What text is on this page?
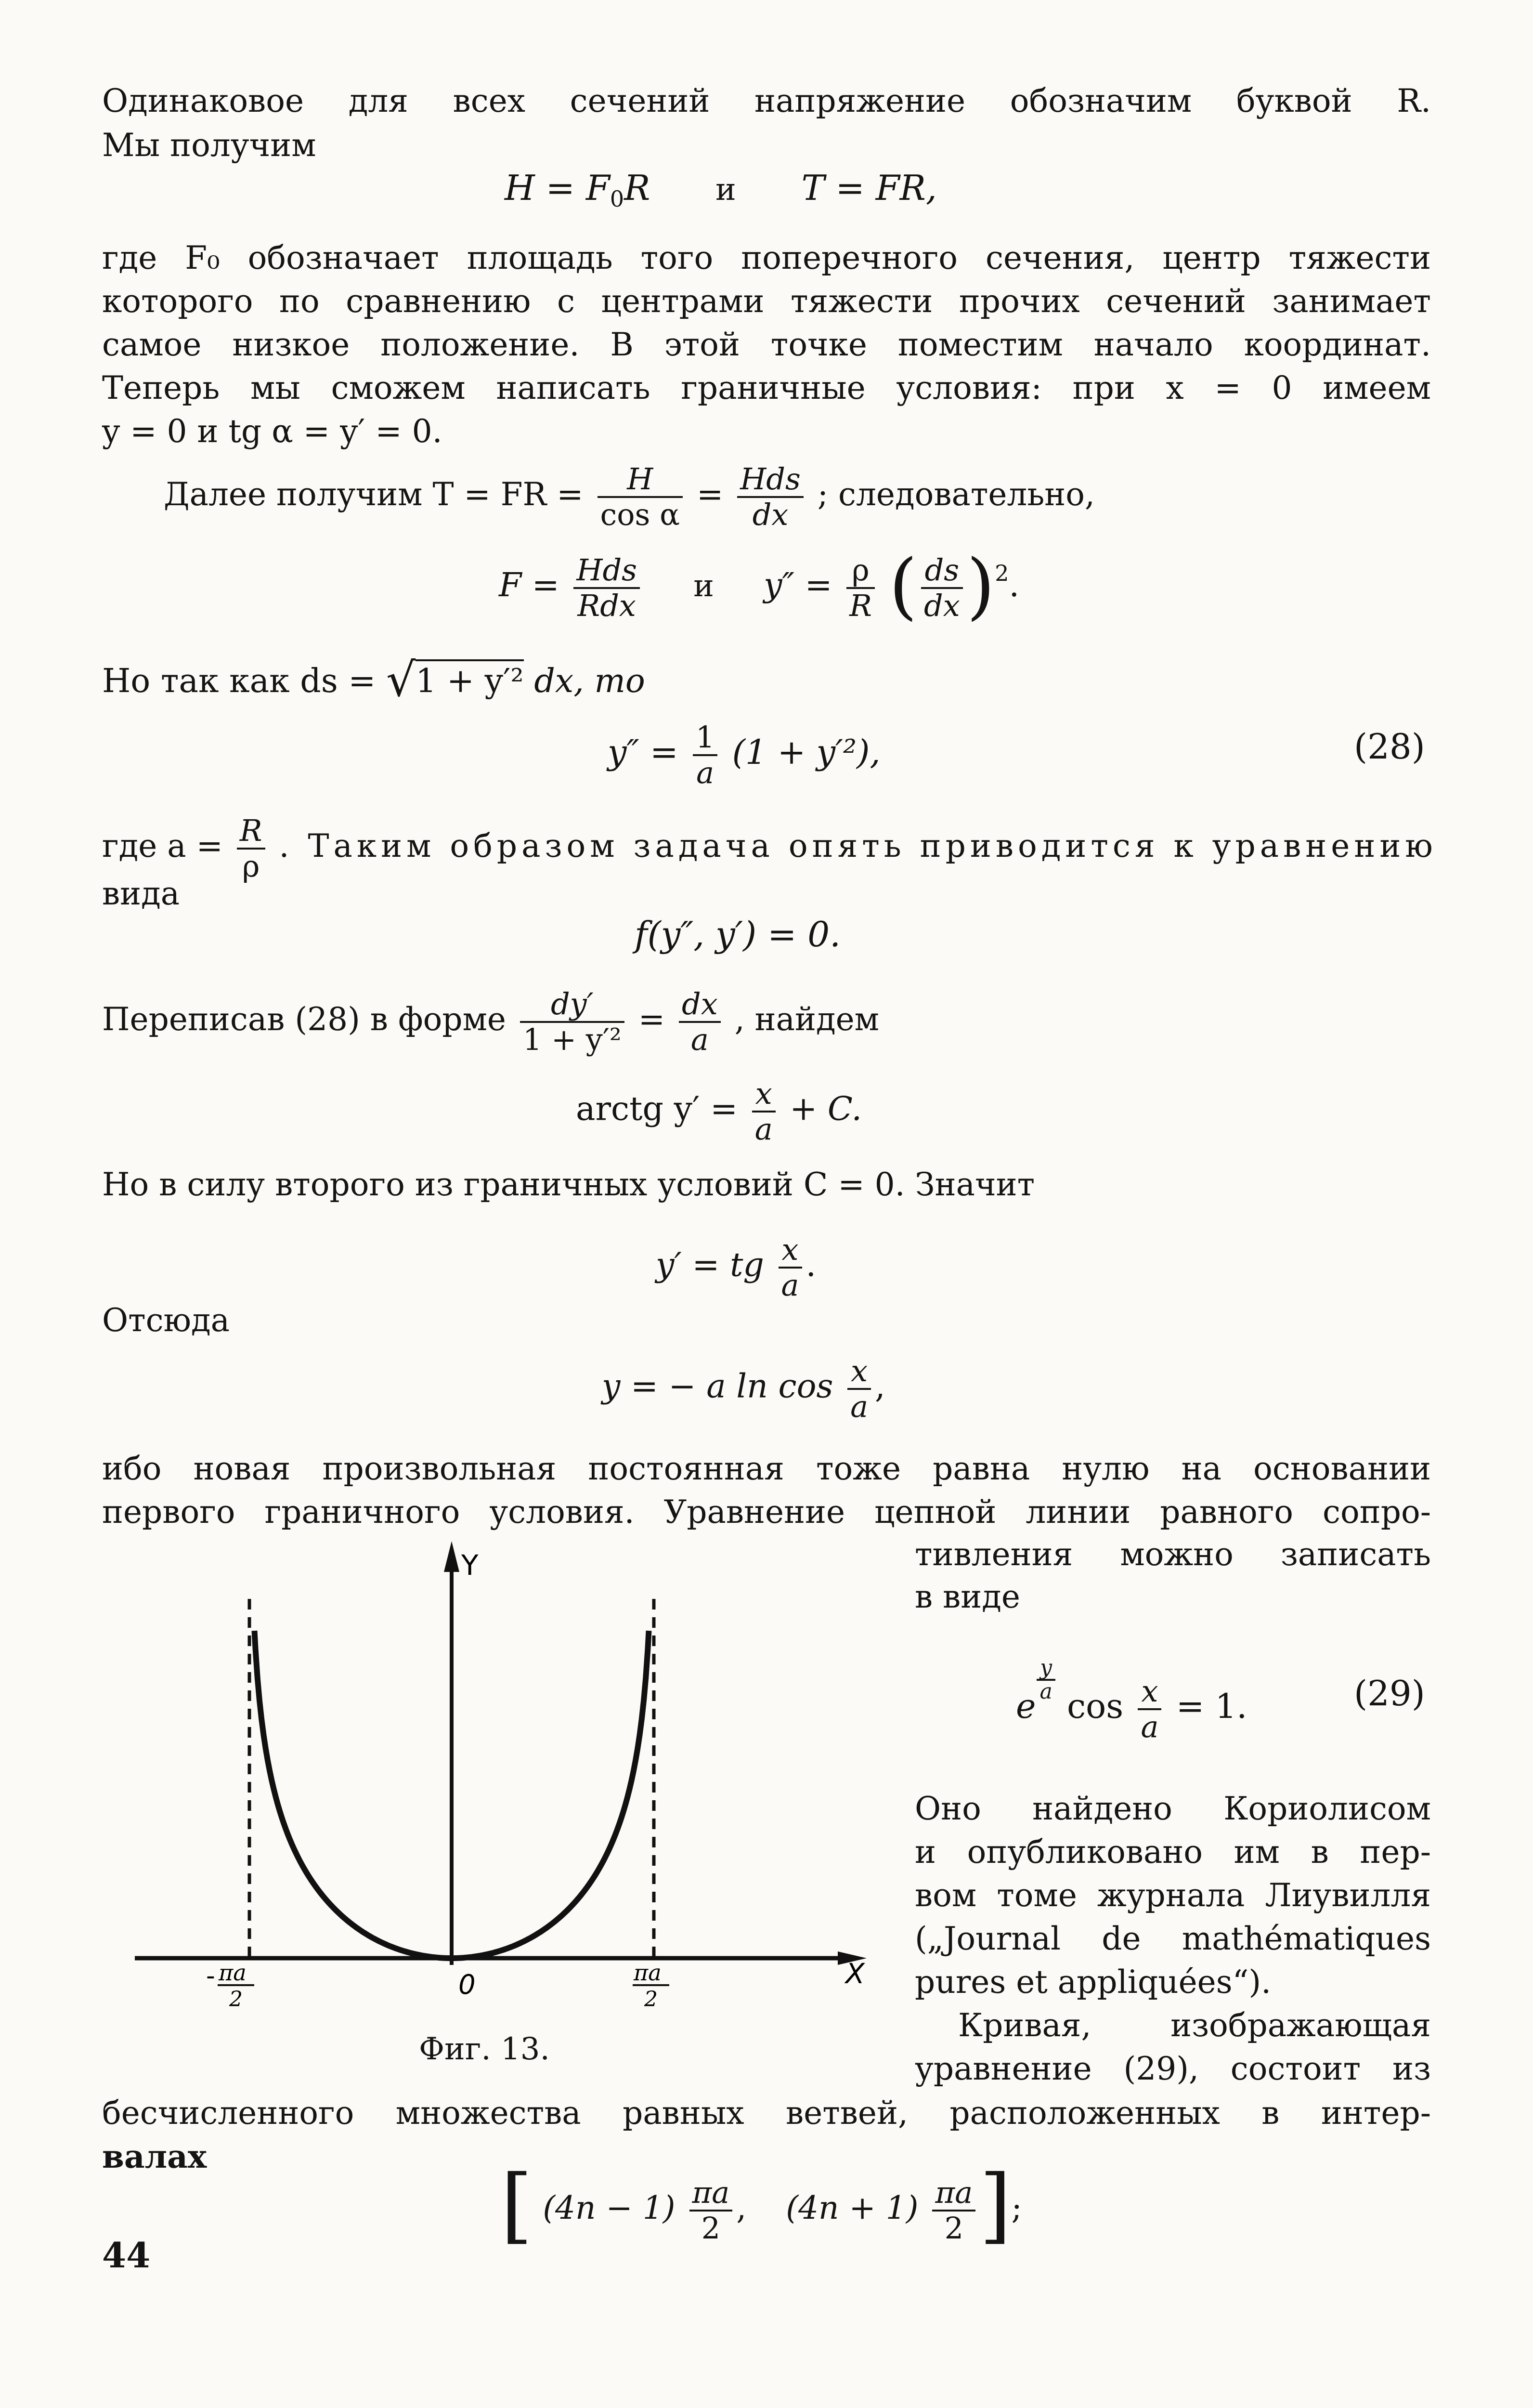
Одинаковое для всех сечений напряжение обозначим буквой R.
Мы получим
$H = F_0R$ и T = FR,
где F₀ обозначает площадь того поперечного сечения, центр тяжести
которого по сравнению с центрами тяжести прочих сечений занимает
самое низкое положение. В этой точке поместим начало координат.
Теперь мы сможем написать граничные условия: при x = 0 имеем
y = 0 и tg α = y′ = 0.
Далее получим T = FR = $\frac{H}{\text{cos α}} = \frac{\text{Hds}}{dx}$ ; следовательно,
$F = \frac{\text{Hds}}{\text{Rdx}}$ и $y'' = \frac{\rho}{R}$ ( $\frac{ds}{dx} )^2$.
Но так как ds = √1 + y′² dx, то
$y'' = \frac{1}{a} (1 + y'^2)$,	(28)
где $a = \frac{R}{\rho}$ . Таким образом задача опять приводится к уравнению
вида
f(y″, y′) = 0.
Переписав (28) в форме $\frac{dy'}{\text{1 + y′²}} = \frac{dx}{a}$ , найдем
arctg $y' = \frac{x}{a} + C$.
Но в силу второго из граничных условий C = 0. Значит
y′ = tg $\frac{x}{a}$ .
Отсюда
y = − a $\ln \cos \frac{x}{a}$ ,
ибо новая произвольная постоянная тоже равна нулю на основании
первого граничного условия. Уравнение цепной линии равного сопро-
тивления можно записать
в виде
e
$\frac{y}{a}$
$\cos \frac{x}{a} = 1$.	(29)
Оно найдено Кориолисом
и опубликовано им в пер-
вом томе журнала Лиувилля
(„Journal de mathématiques
pures et appliquées“).
Кривая, изображающая
уравнение (29), состоит из
Y
X
0
- πa
2
πa
2
Фиг. 13.
бесчисленного множества равных ветвей, расположенных в интер-
валах
[ $(4n - 1) \frac{\pi a}{2}$ , $(4n + 1) \frac{\pi a}{2}$ ];
44
